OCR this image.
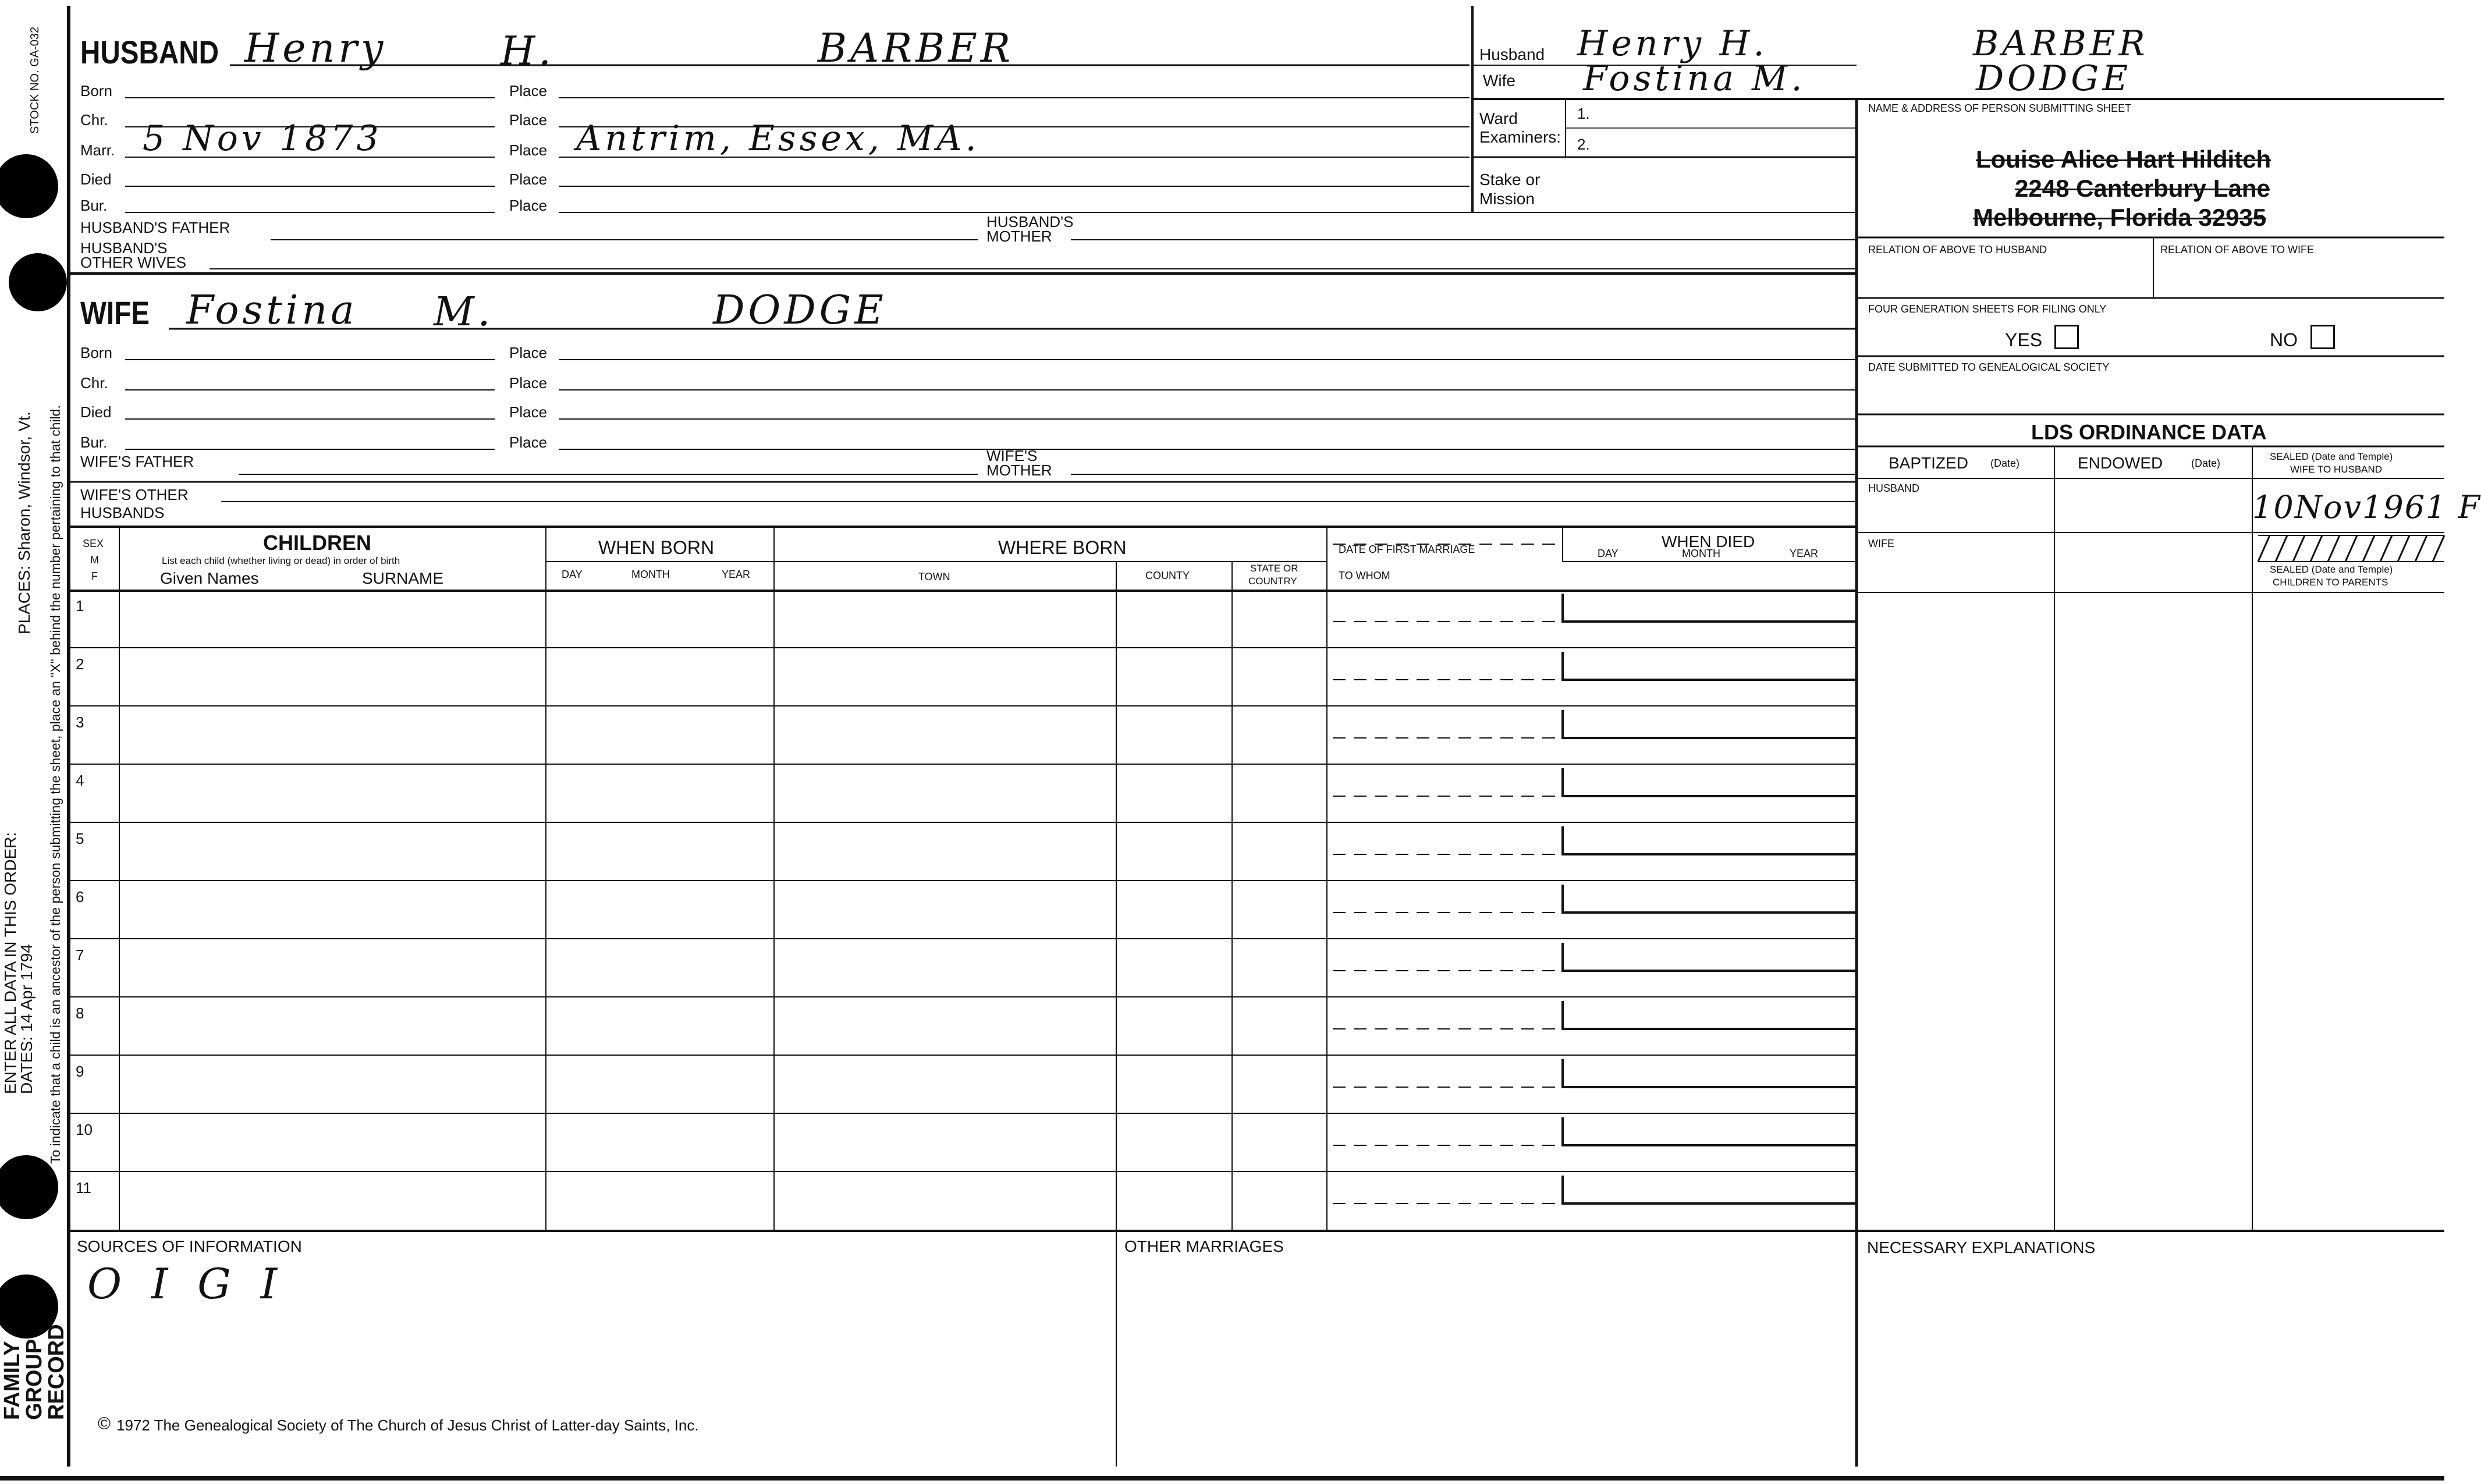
STOCK NO. GA-032
PLACES: Sharon, Windsor, Vt.
ENTER ALL DATA IN THIS ORDER:
DATES: 14 Apr 1794 To indicate that a child is an ancestor of the person submitting the sheet, place an "X" behind the number pertaining to that child.
FAMILY
GROUP
RECORD
HUSBAND Henry	H.	BARBER
Born	Place
Chr.	Place
Marr. 5 Nov 1873	Place Antrim, Essex, MA.
Died	Place
Bur.	Place
HUSBAND'S FATHER	HUSBAND'S
MOTHER
HUSBAND'S
OTHER WIVES
WIFE Fostina M.	DODGE
Born	Place
Chr.	Place
Died	Place
Bur.	Place
WIFE'S FATHER	WIFE'S
MOTHER
WIFE'S OTHER
HUSBANDS
Husband Henry H.	BARBER
Wife Fostina M.	DODGE
Ward
Examiners:
1.
2.
Stake or
Mission
NAME & ADDRESS OF PERSON SUBMITTING SHEET
Louise Alice Hart Hilditch
2248 Canterbury Lane
Melbourne, Florida 32935
RELATION OF ABOVE TO HUSBAND	RELATION OF ABOVE TO WIFE
FOUR GENERATION SHEETS FOR FILING ONLY
YES	NO
DATE SUBMITTED TO GENEALOGICAL SOCIETY
LDS ORDINANCE DATA
BAPTIZED (Date)	ENDOWED	(Date)
SEALED (Date and Temple)
WIFE TO HUSBAND
HUSBAND
10Nov1961 F
WIFE
SEALED (Date and Temple)
CHILDREN TO PARENTS
SEX
M
F
CHILDREN
List each child (whether living or dead) in order of birth
Given Names	SURNAME
WHEN BORN
DAY	MONTH	YEAR
WHERE BORN
TOWN	COUNTY
STATE OR
COUNTRY
DATE OF FIRST MARRIAGE
TO WHOM
WHEN DIED
DAY	MONTH	YEAR
1
2
3
4
5
6
7
8
9
10
11
SOURCES OF INFORMATION
O I G I
OTHER MARRIAGES	NECESSARY EXPLANATIONS
© 1972 The Genealogical Society of The Church of Jesus Christ of Latter-day Saints, Inc.
